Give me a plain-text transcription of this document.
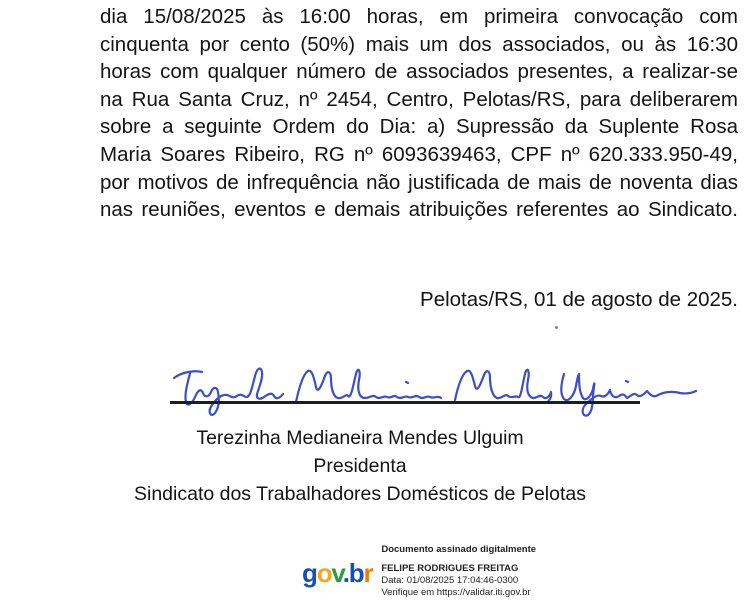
dia 15/08/2025 às 16:00 horas, em primeira convocação com
cinquenta por cento (50%) mais um dos associados, ou às 16:30
horas com qualquer número de associados presentes, a realizar-se
na Rua Santa Cruz, nº 2454, Centro, Pelotas/RS, para deliberarem
sobre a seguinte Ordem do Dia: a) Supressão da Suplente Rosa
Maria Soares Ribeiro, RG nº 6093639463, CPF nº 620.333.950-49,
por motivos de infrequência não justificada de mais de noventa dias
nas reuniões, eventos e demais atribuições referentes ao Sindicato.
Pelotas/RS, 01 de agosto de 2025.
Terezinha Medianeira Mendes Ulguim
Presidenta
Sindicato dos Trabalhadores Domésticos de Pelotas
gov.br
Documento assinado digitalmente
FELIPE RODRIGUES FREITAG
Data: 01/08/2025 17:04:46-0300
Verifique em https://validar.iti.gov.br
